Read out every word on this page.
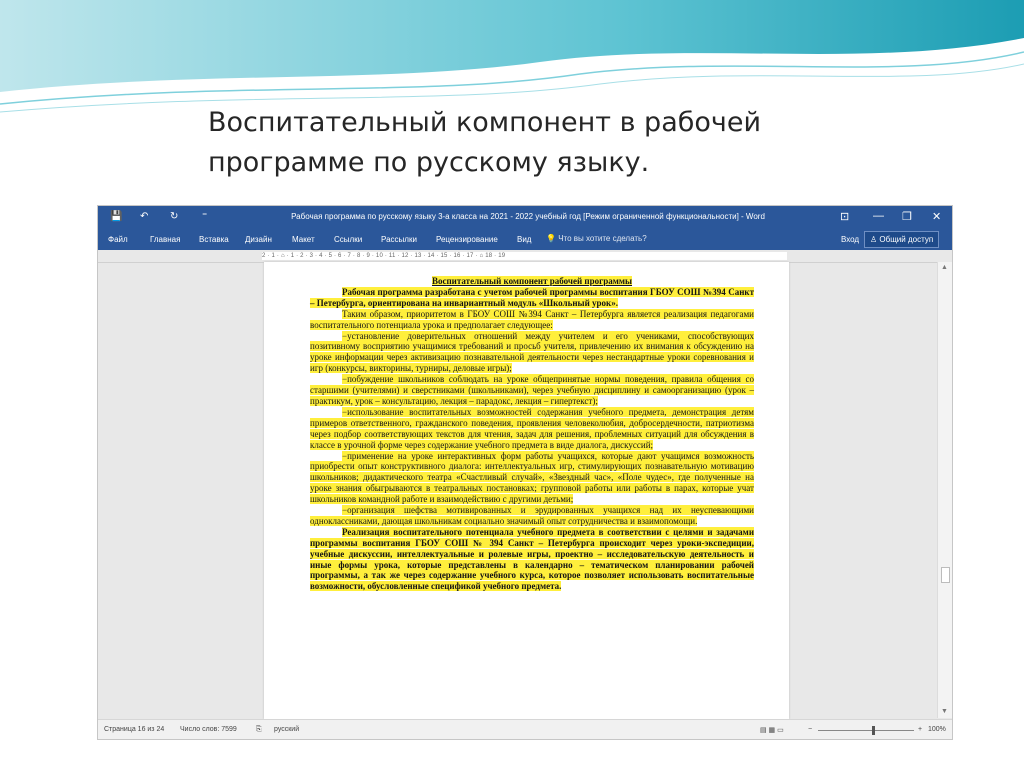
Воспитательный компонент в рабочей
программе по русскому языку.
💾 ↶ ↻ ⁼	Рабочая программа по русскому языку 3-а класса на 2021 - 2022 учебный год [Режим ограниченной функциональности] - Word	⊡ — ❐ ✕
Файл	Главная Вставка Дизайн	Макет Ссылки Рассылки Рецензирование Вид 💡 Что вы хотите сделать?	Вход	♙ Общий доступ
2 · 1 · ⌂ · 1 · 2 · 3 · 4 · 5 · 6 · 7 · 8 · 9 · 10 · 11 · 12 · 13 · 14 · 15 · 16 · 17 · ⌂ 18 · 19
▲
▼

Воспитательный компонент рабочей программы

Рабочая программа разработана с учетом рабочей программы воспитания ГБОУ СОШ №394 Санкт – Петербурга, ориентирована на инвариантный модуль «Школьный урок».

Таким образом, приоритетом в ГБОУ СОШ №394 Санкт – Петербурга является реализация педагогами воспитательного потенциала урока и предполагает следующее:

−установление доверительных отношений между учителем и его учениками, способствующих позитивному восприятию учащимися требований и просьб учителя, привлечению их внимания к обсуждению на уроке информации через активизацию познавательной деятельности через нестандартные уроки соревнования и игр (конкурсы, викторины, турниры, деловые игры);

−побуждение школьников соблюдать на уроке общепринятые нормы поведения, правила общения со старшими (учителями) и сверстниками (школьниками), через учебную дисциплину и самоорганизацию (урок – практикум, урок – консультацию, лекция – парадокс, лекция – гипертекст);

−использование воспитательных возможностей содержания учебного предмета, демонстрация детям примеров ответственного, гражданского поведения, проявления человеколюбия, добросердечности, патриотизма через подбор соответствующих текстов для чтения, задач для решения, проблемных ситуаций для обсуждения в классе в урочной форме через содержание учебного предмета в виде диалога, дискуссий;

−применение на уроке интерактивных форм работы учащихся, которые дают учащимся возможность приобрести опыт конструктивного диалога: интеллектуальных игр, стимулирующих познавательную мотивацию школьников; дидактического театра «Счастливый случай», «Звездный час», «Поле чудес», где полученные на уроке знания обыгрываются в театральных постановках; групповой работы или работы в парах, которые учат школьников командной работе и взаимодействию с другими детьми;

−организация шефства мотивированных и эрудированных учащихся над их неуспевающими одноклассниками, дающая школьникам социально значимый опыт сотрудничества и взаимопомощи.

Реализация воспитательного потенциала учебного предмета в соответствии с целями и задачами программы воспитания ГБОУ СОШ № 394 Санкт – Петербурга происходит через уроки-экспедиции, учебные дискуссии, интеллектуальные и ролевые игры, проектно – исследовательскую деятельность и иные формы урока, которые представлены в календарно – тематическом планировании рабочей программы, а так же через содержание учебного курса, которое позволяет использовать воспитательные возможности, обусловленные спецификой учебного предмета.

Страница 16 из 24 Число слов: 7599	⎘ русский	▤ ▦ ▭	−	+ 100%
